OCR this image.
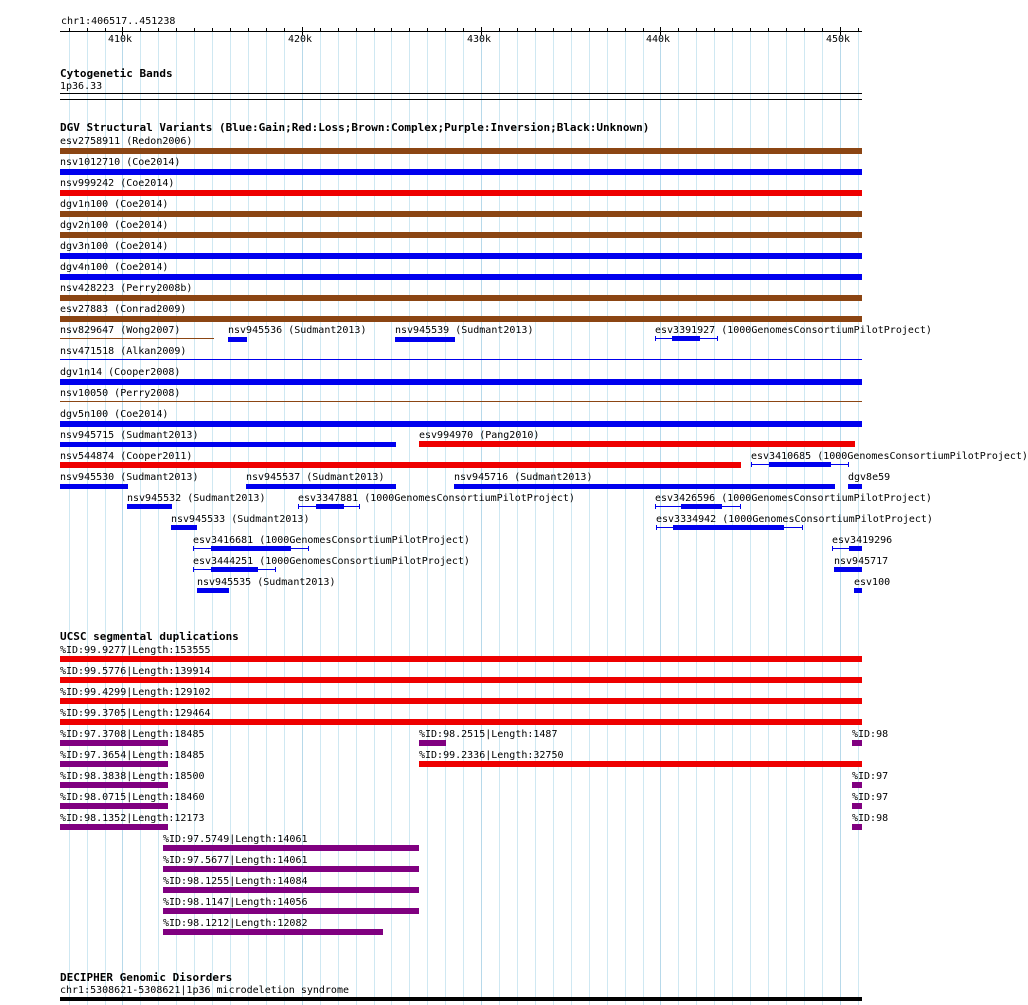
chr1:406517..451238
410k	420k	430k	440k	450k
Cytogenetic Bands
1p36.33
DGV Structural Variants (Blue:Gain;Red:Loss;Brown:Complex;Purple:Inversion;Black:Unknown)
esv2758911 (Redon2006)
nsv1012710 (Coe2014)
nsv999242 (Coe2014)
dgv1n100 (Coe2014)
dgv2n100 (Coe2014)
dgv3n100 (Coe2014)
dgv4n100 (Coe2014)
nsv428223 (Perry2008b)
esv27883 (Conrad2009)
nsv829647 (Wong2007)	nsv945536 (Sudmant2013)	nsv945539 (Sudmant2013)	esv3391927 (1000GenomesConsortiumPilotProject)
nsv471518 (Alkan2009)
dgv1n14 (Cooper2008)
nsv10050 (Perry2008)
dgv5n100 (Coe2014)
nsv945715 (Sudmant2013)	esv994970 (Pang2010)
nsv544874 (Cooper2011)	esv3410685 (1000GenomesConsortiumPilotProject)
nsv945530 (Sudmant2013)	nsv945537 (Sudmant2013)	nsv945716 (Sudmant2013)	dgv8e59
nsv945532 (Sudmant2013)	esv3347881 (1000GenomesConsortiumPilotProject)	esv3426596 (1000GenomesConsortiumPilotProject)
nsv945533 (Sudmant2013)	esv3334942 (1000GenomesConsortiumPilotProject)
esv3416681 (1000GenomesConsortiumPilotProject)	esv3419296
esv3444251 (1000GenomesConsortiumPilotProject)	nsv945717
nsv945535 (Sudmant2013)	esv100
UCSC segmental duplications
%ID:99.9277|Length:153555
%ID:99.5776|Length:139914
%ID:99.4299|Length:129102
%ID:99.3705|Length:129464
%ID:97.3708|Length:18485	%ID:98.2515|Length:1487	%ID:98
%ID:97.3654|Length:18485	%ID:99.2336|Length:32750
%ID:98.3838|Length:18500	%ID:97
%ID:98.0715|Length:18460	%ID:97
%ID:98.1352|Length:12173	%ID:98
%ID:97.5749|Length:14061
%ID:97.5677|Length:14061
%ID:98.1255|Length:14084
%ID:98.1147|Length:14056
%ID:98.1212|Length:12082
DECIPHER Genomic Disorders
chr1:5308621-5308621|1p36 microdeletion syndrome
